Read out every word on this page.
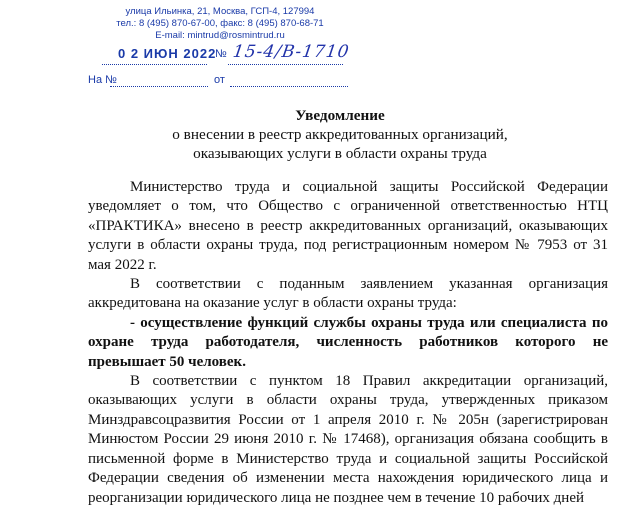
улица Ильинка, 21, Москва, ГСП-4, 127994
тел.: 8 (495) 870-67-00, факс: 8 (495) 870-68-71
E-mail: mintrud@rosmintrud.ru
0 2 ИЮН 2022
№ 15-4/В-1710
На №	от
Уведомление
о внесении в реестр аккредитованных организаций,
оказывающих услуги в области охраны труда

Министерство труда и социальной защиты Российской Федерации уведомляет о том, что Общество с ограниченной ответственностью НТЦ «ПРАКТИКА» внесено в реестр аккредитованных организаций, оказывающих услуги в области охраны труда, под регистрационным номером № 7953 от 31 мая 2022 г.

В соответствии с поданным заявлением указанная организация аккредитована на оказание услуг в области охраны труда:

- осуществление функций службы охраны труда или специалиста по охране труда работодателя, численность работников которого не превышает 50 человек.

В соответствии с пунктом 18 Правил аккредитации организаций, оказывающих услуги в области охраны труда, утвержденных приказом Минздравсоцразвития России от 1 апреля 2010 г. № 205н (зарегистрирован Минюстом России 29 июня 2010 г. № 17468), организация обязана сообщить в письменной форме в Министерство труда и социальной защиты Российской Федерации сведения об изменении места нахождения юридического лица и реорганизации юридического лица не позднее чем в течение 10 рабочих дней
